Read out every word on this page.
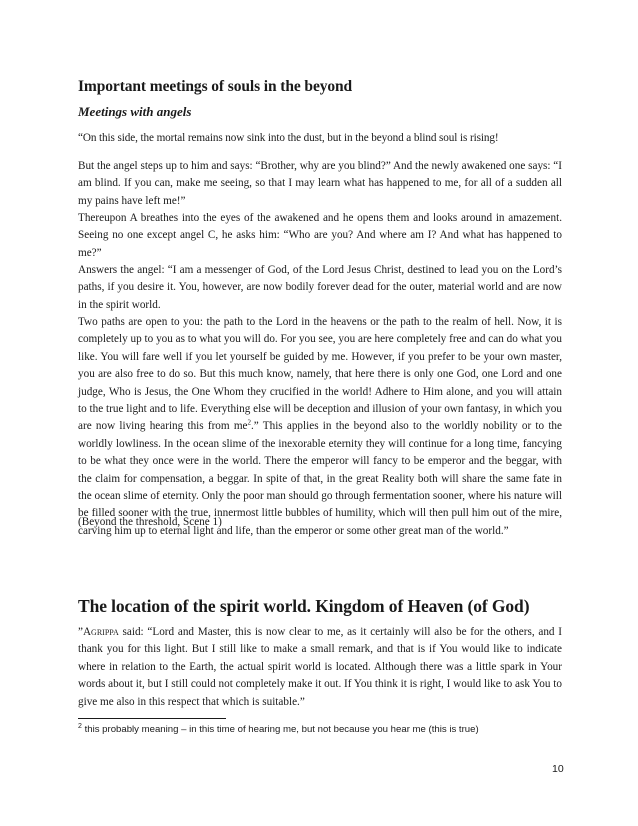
Important meetings of souls in the beyond
Meetings with angels

“On this side, the mortal remains now sink into the dust, but in the beyond a blind soul is rising!

But the angel steps up to him and says: “Brother, why are you blind?” And the newly awakened one says: “I am blind. If you can, make me seeing, so that I may learn what has happened to me, for all of a sudden all my pains have left me!”

Thereupon A breathes into the eyes of the awakened and he opens them and looks around in amazement. Seeing no one except angel C, he asks him: “Who are you? And where am I? And what has happened to me?”

Answers the angel: “I am a messenger of God, of the Lord Jesus Christ, destined to lead you on the Lord’s paths, if you desire it. You, however, are now bodily forever dead for the outer, material world and are now in the spirit world.

Two paths are open to you: the path to the Lord in the heavens or the path to the realm of hell. Now, it is completely up to you as to what you will do. For you see, you are here completely free and can do what you like. You will fare well if you let yourself be guided by me. However, if you prefer to be your own master, you are also free to do so. But this much know, namely, that here there is only one God, one Lord and one judge, Who is Jesus, the One Whom they crucified in the world! Adhere to Him alone, and you will attain to the true light and to life. Everything else will be deception and illusion of your own fantasy, in which you are now living hearing this from $me^2$.” This applies in the beyond also to the worldly nobility or to the worldly lowliness. In the ocean slime of the inexorable eternity they will continue for a long time, fancying to be what they once were in the world. There the emperor will fancy to be emperor and the beggar, with the claim for compensation, a beggar. In spite of that, in the great Reality both will share the same fate in the ocean slime of eternity. Only the poor man should go through fermentation sooner, where his nature will be filled sooner with the true, innermost little bubbles of humility, which will then pull him out of the mire, carving him up to eternal light and life, than the emperor or some other great man of the world.”

(Beyond the threshold, Scene 1)

The location of the spirit world. Kingdom of Heaven (of God)

”Agrippa said: “Lord and Master, this is now clear to me, as it certainly will also be for the others, and I thank you for this light. But I still like to make a small remark, and that is if You would like to indicate where in relation to the Earth, the actual spirit world is located. Although there was a little spark in Your words about it, but I still could not completely make it out. If You think it is right, I would like to ask You to give me also in this respect that which is suitable.”

$^2$ this probably meaning – in this time of hearing me, but not because you hear me (this is true)
10
